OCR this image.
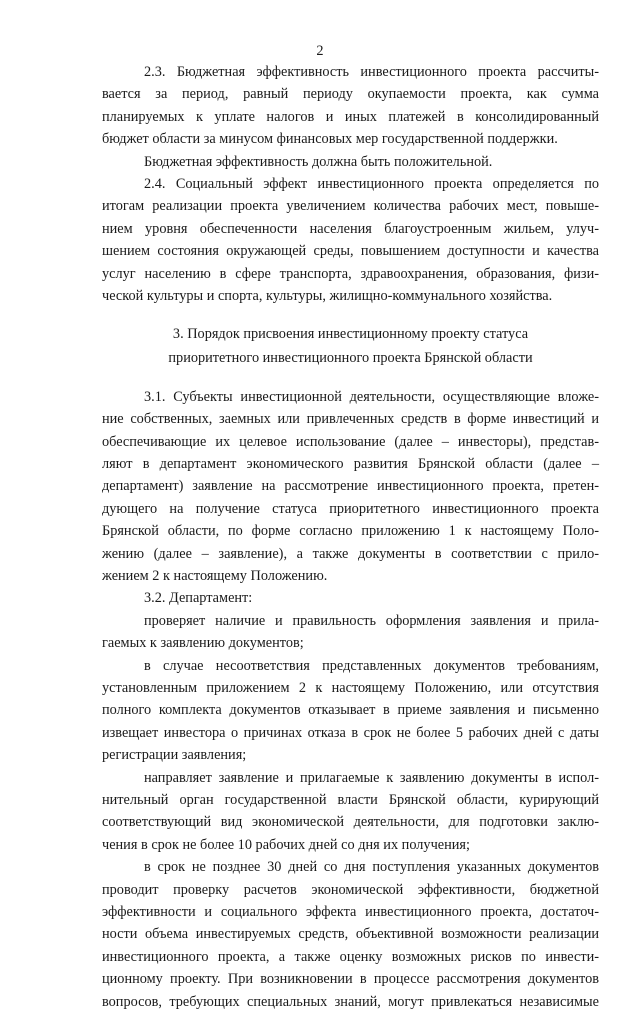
2
2.3. Бюджетная эффективность инвестиционного проекта рассчиты-
вается за период, равный периоду окупаемости проекта, как сумма
планируемых к уплате налогов и иных платежей в консолидированный
бюджет области за минусом финансовых мер государственной поддержки.
Бюджетная эффективность должна быть положительной.
2.4. Социальный эффект инвестиционного проекта определяется по
итогам реализации проекта увеличением количества рабочих мест, повыше-
нием уровня обеспеченности населения благоустроенным жильем, улуч-
шением состояния окружающей среды, повышением доступности и качества
услуг населению в сфере транспорта, здравоохранения, образования, физи-
ческой культуры и спорта, культуры, жилищно-коммунального хозяйства.
3. Порядок присвоения инвестиционному проекту статуса
приоритетного инвестиционного проекта Брянской области
3.1. Субъекты инвестиционной деятельности, осуществляющие вложе-
ние собственных, заемных или привлеченных средств в форме инвестиций и
обеспечивающие их целевое использование (далее – инвесторы), представ-
ляют в департамент экономического развития Брянской области (далее –
департамент) заявление на рассмотрение инвестиционного проекта, претен-
дующего на получение статуса приоритетного инвестиционного проекта
Брянской области, по форме согласно приложению 1 к настоящему Поло-
жению (далее – заявление), а также документы в соответствии с прило-
жением 2 к настоящему Положению.
3.2. Департамент:
проверяет наличие и правильность оформления заявления и прила-
гаемых к заявлению документов;
в случае несоответствия представленных документов требованиям,
установленным приложением 2 к настоящему Положению, или отсутствия
полного комплекта документов отказывает в приеме заявления и письменно
извещает инвестора о причинах отказа в срок не более 5 рабочих дней с даты
регистрации заявления;
направляет заявление и прилагаемые к заявлению документы в испол-
нительный орган государственной власти Брянской области, курирующий
соответствующий вид экономической деятельности, для подготовки заклю-
чения в срок не более 10 рабочих дней со дня их получения;
в срок не позднее 30 дней со дня поступления указанных документов
проводит проверку расчетов экономической эффективности, бюджетной
эффективности и социального эффекта инвестиционного проекта, достаточ-
ности объема инвестируемых средств, объективной возможности реализации
инвестиционного проекта, а также оценку возможных рисков по инвести-
ционному проекту. При возникновении в процессе рассмотрения документов
вопросов, требующих специальных знаний, могут привлекаться независимые
